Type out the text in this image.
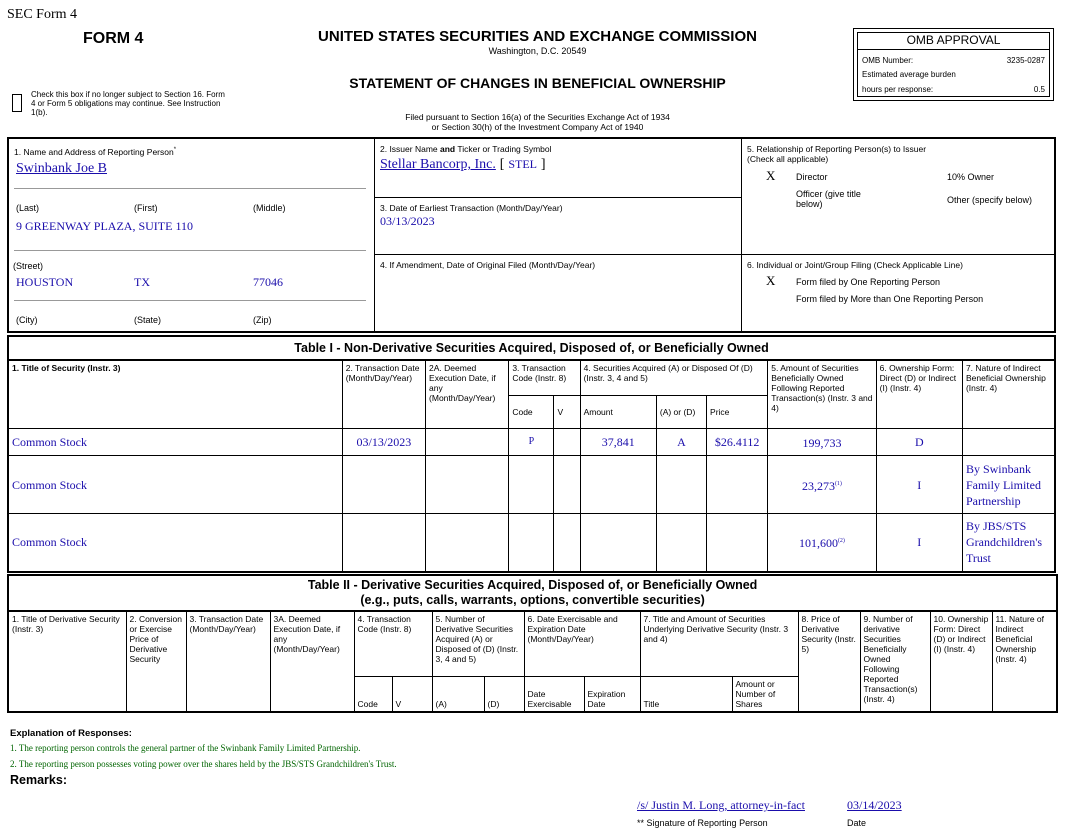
SEC Form 4
FORM 4	UNITED STATES SECURITIES AND EXCHANGE COMMISSION
Washington, D.C. 20549
STATEMENT OF CHANGES IN BENEFICIAL OWNERSHIP
Check this box if no longer subject to Section 16. Form 4 or Form 5 obligations may continue. See Instruction 1(b).	Filed pursuant to Section 16(a) of the Securities Exchange Act of 1934
or Section 30(h) of the Investment Company Act of 1940
OMB APPROVAL
OMB Number:	3235-0287
Estimated average burden
hours per response:	0.5
1. Name and Address of Reporting Person*
Swinbank Joe B
(Last)	(First)	(Middle)
9 GREENWAY PLAZA, SUITE 110
(Street)
HOUSTON	TX	77046
(City)	(State)	(Zip)
2. Issuer Name and Ticker or Trading Symbol
Stellar Bancorp, Inc. [ STEL ]
3. Date of Earliest Transaction (Month/Day/Year)
03/13/2023
4. If Amendment, Date of Original Filed (Month/Day/Year)
5. Relationship of Reporting Person(s) to Issuer
(Check all applicable)
X Director	10% Owner
Officer (give title below)	Other (specify below)
6. Individual or Joint/Group Filing (Check Applicable Line)
X Form filed by One Reporting Person
Form filed by More than One Reporting Person
Table I - Non-Derivative Securities Acquired, Disposed of, or Beneficially Owned										
1. Title of Security (Instr. 3)	2. Transaction Date (Month/Day/Year)	2A. Deemed Execution Date, if any (Month/Day/Year)	3. Transaction Code (Instr. 8)		4. Securities Acquired (A) or Disposed Of (D) (Instr. 3, 4 and 5)			5. Amount of Securities Beneficially Owned Following Reported Transaction(s) (Instr. 3 and 4)	6. Ownership Form: Direct (D) or Indirect (I) (Instr. 4)	7. Nature of Indirect Beneficial Ownership (Instr. 4)
			Code	V	Amount	(A) or (D)	Price			
Common Stock	03/13/2023		P		37,841	A	$26.4112	199,733	D	
Common Stock								23,273$^{(1)}$	I	By Swinbank Family Limited Partnership
Common Stock								101,600$^{(2)}$	I	By JBS/STS Grandchildren's Trust
Table II - Derivative Securities Acquired, Disposed of, or Beneficially Owned
(e.g., puts, calls, warrants, options, convertible securities)															

1. Title of Derivative Security (Instr. 3)	2. Conversion or Exercise Price of Derivative Security	3. Transaction Date (Month/Day/Year)	3A. Deemed Execution Date, if any (Month/Day/Year)	4. Transaction Code (Instr. 8)		5. Number of Derivative Securities Acquired (A) or Disposed of (D) (Instr. 3, 4 and 5)		6. Date Exercisable and Expiration Date (Month/Day/Year)		7. Title and Amount of Securities Underlying Derivative Security (Instr. 3 and 4)		8. Price of Derivative Security (Instr. 5)	9. Number of derivative Securities Beneficially Owned Following Reported Transaction(s) (Instr. 4)	10. Ownership Form: Direct (D) or Indirect (I) (Instr. 4)	11. Nature of Indirect Beneficial Ownership (Instr. 4)
				Code	V	(A)	(D)	Date Exercisable	Expiration Date	Title	Amount or Number of Shares				
Explanation of Responses:
1. The reporting person controls the general partner of the Swinbank Family Limited Partnership.
2. The reporting person possesses voting power over the shares held by the JBS/STS Grandchildren's Trust.
Remarks:
/s/ Justin M. Long, attorney-in-fact	03/14/2023
** Signature of Reporting Person	Date
